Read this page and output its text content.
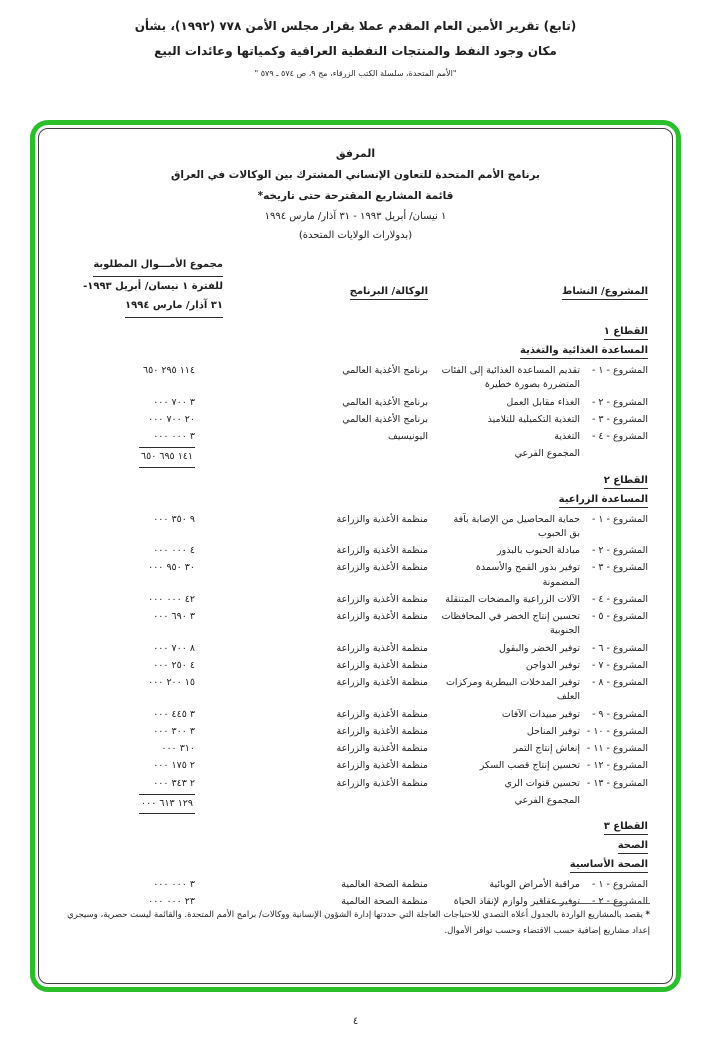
(تابع) تقرير الأمين العام المقدم عملا بقرار مجلس الأمن ٧٧٨ (١٩٩٢)، بشأن
مكان وجود النفط والمنتجات النفطية العراقية وكمياتها وعائدات البيع
"الأمم المتحدة، سلسلة الكتب الزرقاء، مج ٩، ص ٥٧٤ ـ ٥٧٩ "
المرفق
برنامج الأمم المتحدة للتعاون الإنساني المشترك بين الوكالات في العراق
قائمة المشاريع المقترحة حتى تاريخه*
١ نيسان/ أبريل ١٩٩٣ - ٣١ آذار/ مارس ١٩٩٤
(بدولارات الولايات المتحدة)
المشروع/ النشاط
الوكالة/ البرنامج
مجموع الأمـــوال المطلوبة
للفترة ١ نيسان/ أبريل ١٩٩٣-
٣١ آذار/ مارس ١٩٩٤
القطاع ١
المساعدة الغذائية والتغذية
المشروع - ١ -
تقديم المساعدة الغذائية إلى الفئات المتضررة بصورة خطيرة
برنامج الأغذية العالمي
١١٤ ٢٩٥ ٦٥٠
المشروع - ٢ -
الغذاء مقابل العمل
برنامج الأغذية العالمي
٣ ٧٠٠ ٠٠٠
المشروع - ٣ -
التغذية التكميلية للتلاميذ
برنامج الأغذية العالمي
٢٠ ٧٠٠ ٠٠٠
المشروع - ٤ -
التغذية
اليونيسيف
٣ ٠٠٠ ٠٠٠
المجموع الفرعي
١٤١ ٦٩٥ ٦٥٠
القطاع ٢
المساعدة الزراعية
المشروع - ١ -
حماية المحاصيل من الإصابة بآفة بق الحبوب
منظمة الأغذية والزراعة
٩ ٣٥٠ ٠٠٠
المشروع - ٢ -
مبادلة الحبوب بالبذور
منظمة الأغذية والزراعة
٤ ٠٠٠ ٠٠٠
المشروع - ٣ -
توفير بذور القمح والأسمدة المضمونة
منظمة الأغذية والزراعة
٣٠ ٩٥٠ ٠٠٠
المشروع - ٤ -
الآلات الزراعية والمضخات المتنقلة
منظمة الأغذية والزراعة
٤٢ ٠٠٠ ٠٠٠
المشروع - ٥ -
تحسين إنتاج الخضر في المحافظات الجنوبية
منظمة الأغذية والزراعة
٣ ٦٩٠ ٠٠٠
المشروع - ٦ -
توفير الخضر والبقول
منظمة الأغذية والزراعة
٨ ٧٠٠ ٠٠٠
المشروع - ٧ -
توفير الدواجن
منظمة الأغذية والزراعة
٤ ٢٥٠ ٠٠٠
المشروع - ٨ -
توفير المدخلات البيطرية ومركزات العلف
منظمة الأغذية والزراعة
١٥ ٢٠٠ ٠٠٠
المشروع - ٩ -
توفير مبيدات الآفات
منظمة الأغذية والزراعة
٣ ٤٤٥ ٠٠٠
المشروع - ١٠ -
توفير المناحل
منظمة الأغذية والزراعة
٣ ٣٠٠ ٠٠٠
المشروع - ١١ -
إنعاش إنتاج التمر
منظمة الأغذية والزراعة
٣١٠ ٠٠٠
المشروع - ١٢ -
تحسين إنتاج قصب السكر
منظمة الأغذية والزراعة
٢ ١٧٥ ٠٠٠
المشروع - ١٣ -
تحسين قنوات الري
منظمة الأغذية والزراعة
٢ ٣٤٣ ٠٠٠
المجموع الفرعي
١٢٩ ٦١٣ ٠٠٠
القطاع ٣
الصحة
الصحة الأساسية
المشروع - ١ -
مراقبة الأمراض الوبائية
منظمة الصحة العالمية
٣ ٠٠٠ ٠٠٠
المشروع - ٢ -
توفير عقاقير ولوازم لإنقاذ الحياة
منظمة الصحة العالمية
٢٣ ٠٠٠ ٠٠٠
* يقصد بالمشاريع الواردة بالجدول أعلاه التصدي للاحتياجات العاجلة التي حددتها إدارة الشؤون الإنسانية ووكالات/ برامج الأمم المتحدة. والقائمة ليست حصرية، وسيجري إعداد مشاريع إضافية حسب الاقتضاء وحسب توافر الأموال.
٤
